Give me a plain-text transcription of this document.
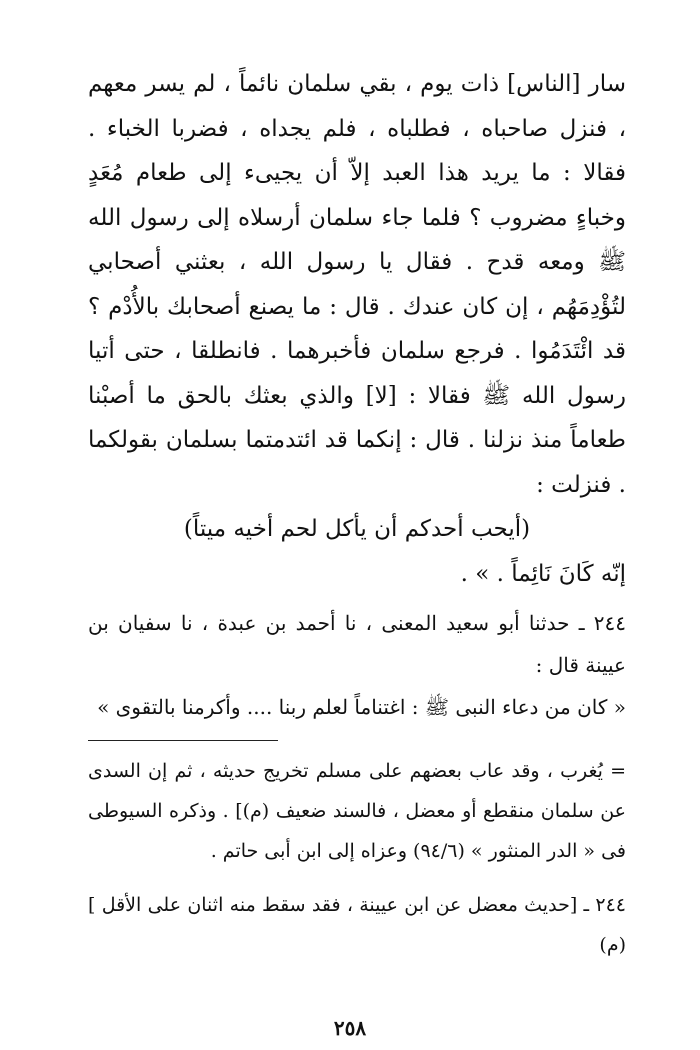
سار [الناس] ذات يوم ، بقي سلمان نائماً ، لم يسر معهم ، فنزل صاحباه ، فطلباه ، فلم يجداه ، فضربا الخباء . فقالا : ما يريد هذا العبد إلاّ أن يجيىء إلى طعام مُعَدٍ وخباءٍ مضروب ؟ فلما جاء سلمان أرسلاه إلى رسول الله ﷺ ومعه قدح . فقال يا رسول الله ، بعثني أصحابي لتُؤْدِمَهُم ، إن كان عندك . قال : ما يصنع أصحابك بالأُدْم ؟ قد ائْتَدَمُوا . فرجع سلمان فأخبرهما . فانطلقا ، حتى أتيا رسول الله ﷺ فقالا : [لا] والذي بعثك بالحق ما أصبْنا طعاماً منذ نزلنا . قال : إنكما قد ائتدمتما بسلمان بقولكما . فنزلت :

(أيحب أحدكم أن يأكل لحم أخيه ميتاً)

إنّه كَانَ نَائِماً . » .

٢٤٤ ـ حدثنا أبو سعيد المعنى ، نا أحمد بن عبدة ، نا سفيان بن عيينة قال :

« كان من دعاء النبى ﷺ : اغتناماً لعلم ربنا .... وأكرمنا بالتقوى »

= يُغرب ، وقد عاب بعضهم على مسلم تخريج حديثه ، ثم إن السدى عن سلمان منقطع أو معضل ، فالسند ضعيف (م)] . وذكره السيوطى فى « الدر المنثور » (٩٤/٦) وعزاه إلى ابن أبى حاتم .

٢٤٤ ـ [حديث معضل عن ابن عيينة ، فقد سقط منه اثنان على الأقل ] (م)

٢٥٨
